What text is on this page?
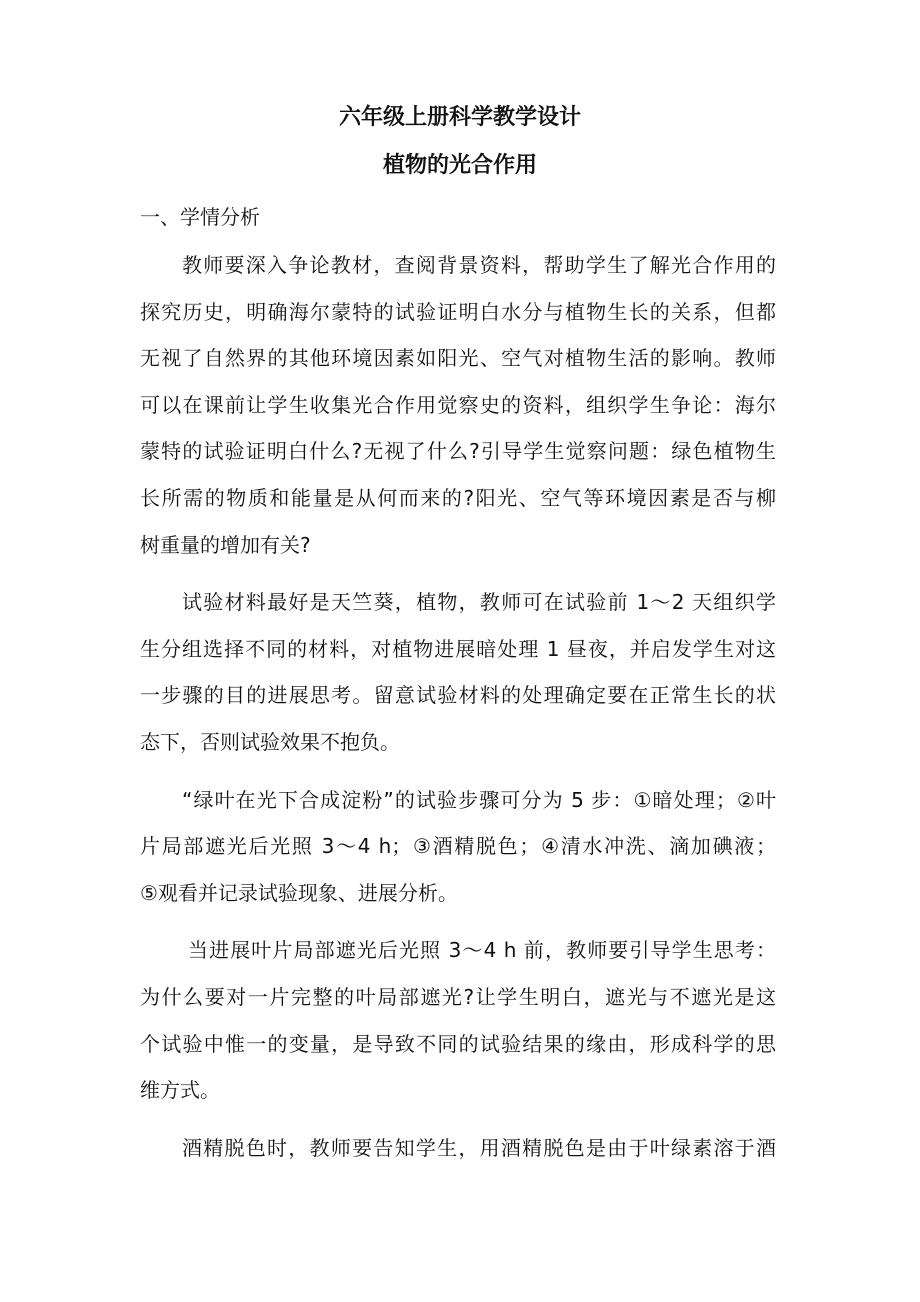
六年级上册科学教学设计
植物的光合作用
一、学情分析
教师要深入争论教材，查阅背景资料，帮助学生了解光合作用的
探究历史，明确海尔蒙特的试验证明白水分与植物生长的关系，但都
无视了自然界的其他环境因素如阳光、空气对植物生活的影响。教师
可以在课前让学生收集光合作用觉察史的资料，组织学生争论：海尔
蒙特的试验证明白什么?无视了什么?引导学生觉察问题：绿色植物生
长所需的物质和能量是从何而来的?阳光、空气等环境因素是否与柳
树重量的增加有关?
试验材料最好是天竺葵，植物，教师可在试验前 1～2 天组织学
生分组选择不同的材料，对植物进展暗处理 1 昼夜，并启发学生对这
一步骤的目的进展思考。留意试验材料的处理确定要在正常生长的状
态下，否则试验效果不抱负。
“绿叶在光下合成淀粉”的试验步骤可分为 5 步：①暗处理；②叶
片局部遮光后光照 3～4 h；③酒精脱色；④清水冲洗、滴加碘液；
⑤观看并记录试验现象、进展分析。
当进展叶片局部遮光后光照 3～4 h 前，教师要引导学生思考：
为什么要对一片完整的叶局部遮光?让学生明白，遮光与不遮光是这
个试验中惟一的变量，是导致不同的试验结果的缘由，形成科学的思
维方式。
酒精脱色时，教师要告知学生，用酒精脱色是由于叶绿素溶于酒
